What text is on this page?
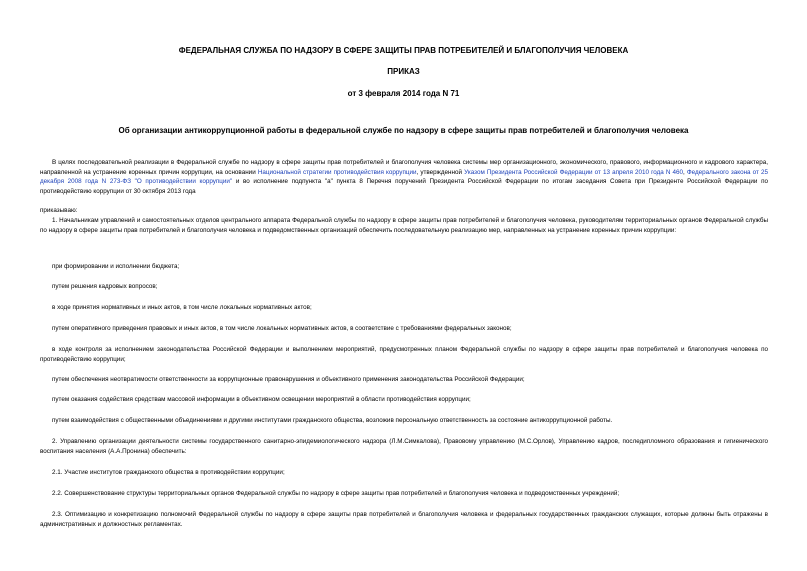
ФЕДЕРАЛЬНАЯ СЛУЖБА ПО НАДЗОРУ В СФЕРЕ ЗАЩИТЫ ПРАВ ПОТРЕБИТЕЛЕЙ И БЛАГОПОЛУЧИЯ ЧЕЛОВЕКА
ПРИКАЗ
от 3 февраля 2014 года N 71
Об организации антикоррупционной работы в федеральной службе по надзору в сфере защиты прав потребителей и благополучия человека
В целях последовательной реализации в Федеральной службе по надзору в сфере защиты прав потребителей и благополучия человека системы мер организационного, экономического, правового, информационного и кадрового характера, направленной на устранение коренных причин коррупции, на основании Национальной стратегии противодействия коррупции, утвержденной Указом Президента Российской Федерации от 13 апреля 2010 года N 460, Федерального закона от 25 декабря 2008 года N 273-ФЗ "О противодействии коррупции" и во исполнение подпункта "а" пункта 8 Перечня поручений Президента Российской Федерации по итогам заседания Совета при Президенте Российской Федерации по противодействию коррупции от 30 октября 2013 года
приказываю:
1. Начальникам управлений и самостоятельных отделов центрального аппарата Федеральной службы по надзору в сфере защиты прав потребителей и благополучия человека, руководителям территориальных органов Федеральной службы по надзору в сфере защиты прав потребителей и благополучия человека и подведомственных организаций обеспечить последовательную реализацию мер, направленных на устранение коренных причин коррупции:
при формировании и исполнении бюджета;
путем решения кадровых вопросов;
в ходе принятия нормативных и иных актов, в том числе локальных нормативных актов;
путем оперативного приведения правовых и иных актов, в том числе локальных нормативных актов, в соответствие с требованиями федеральных законов;
в ходе контроля за исполнением законодательства Российской Федерации и выполнением мероприятий, предусмотренных планом Федеральной службы по надзору в сфере защиты прав потребителей и благополучия человека по противодействию коррупции;
путем обеспечения неотвратимости ответственности за коррупционные правонарушения и объективного применения законодательства Российской Федерации;
путем оказания содействия средствам массовой информации в объективном освещении мероприятий в области противодействия коррупции;
путем взаимодействия с общественными объединениями и другими институтами гражданского общества, возложив персональную ответственность за состояние антикоррупционной работы.
2. Управлению организации деятельности системы государственного санитарно-эпидемиологического надзора (Л.М.Симкалова), Правовому управлению (М.С.Орлов), Управлению кадров, последипломного образования и гигиенического воспитания населения (А.А.Пронина) обеспечить:
2.1. Участие институтов гражданского общества в противодействии коррупции;
2.2. Совершенствование структуры территориальных органов Федеральной службы по надзору в сфере защиты прав потребителей и благополучия человека и подведомственных учреждений;
2.3. Оптимизацию и конкретизацию полномочий Федеральной службы по надзору в сфере защиты прав потребителей и благополучия человека и федеральных государственных гражданских служащих, которые должны быть отражены в административных и должностных регламентах.
